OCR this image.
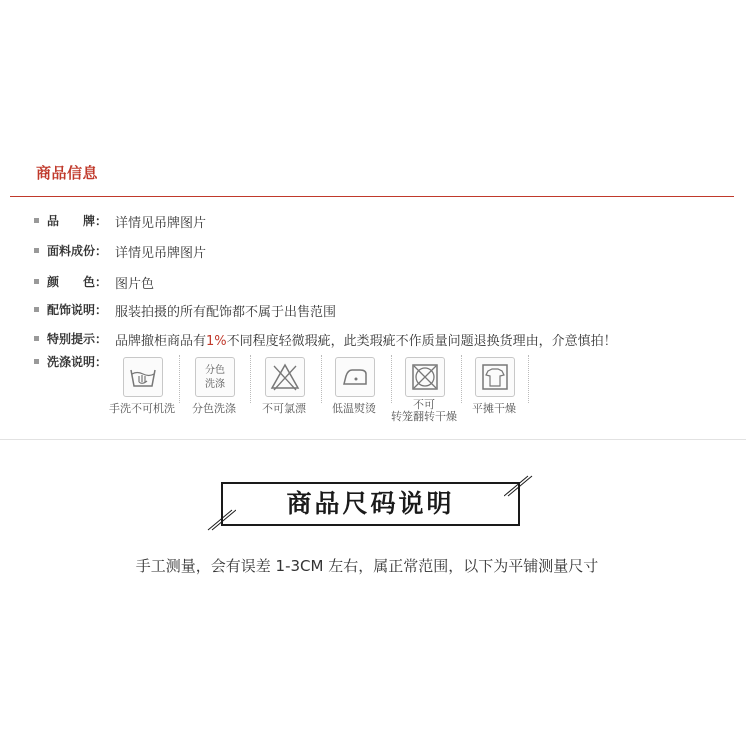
商品信息
品　　牌： 详情见吊牌图片
面料成份： 详情见吊牌图片
颜　　色： 图片色
配饰说明： 服装拍摄的所有配饰都不属于出售范围
特别提示： 品牌撤柜商品有1%不同程度轻微瑕疵，此类瑕疵不作质量问题退换货理由，介意慎拍！
洗涤说明：
手洗不可机洗
分色
洗涤
分色洗涤	不可氯漂	低温熨烫	不可
转笼翻转干燥
平摊干燥
商品尺码说明
手工测量，会有误差 1-3CM 左右，属正常范围，以下为平铺测量尺寸
